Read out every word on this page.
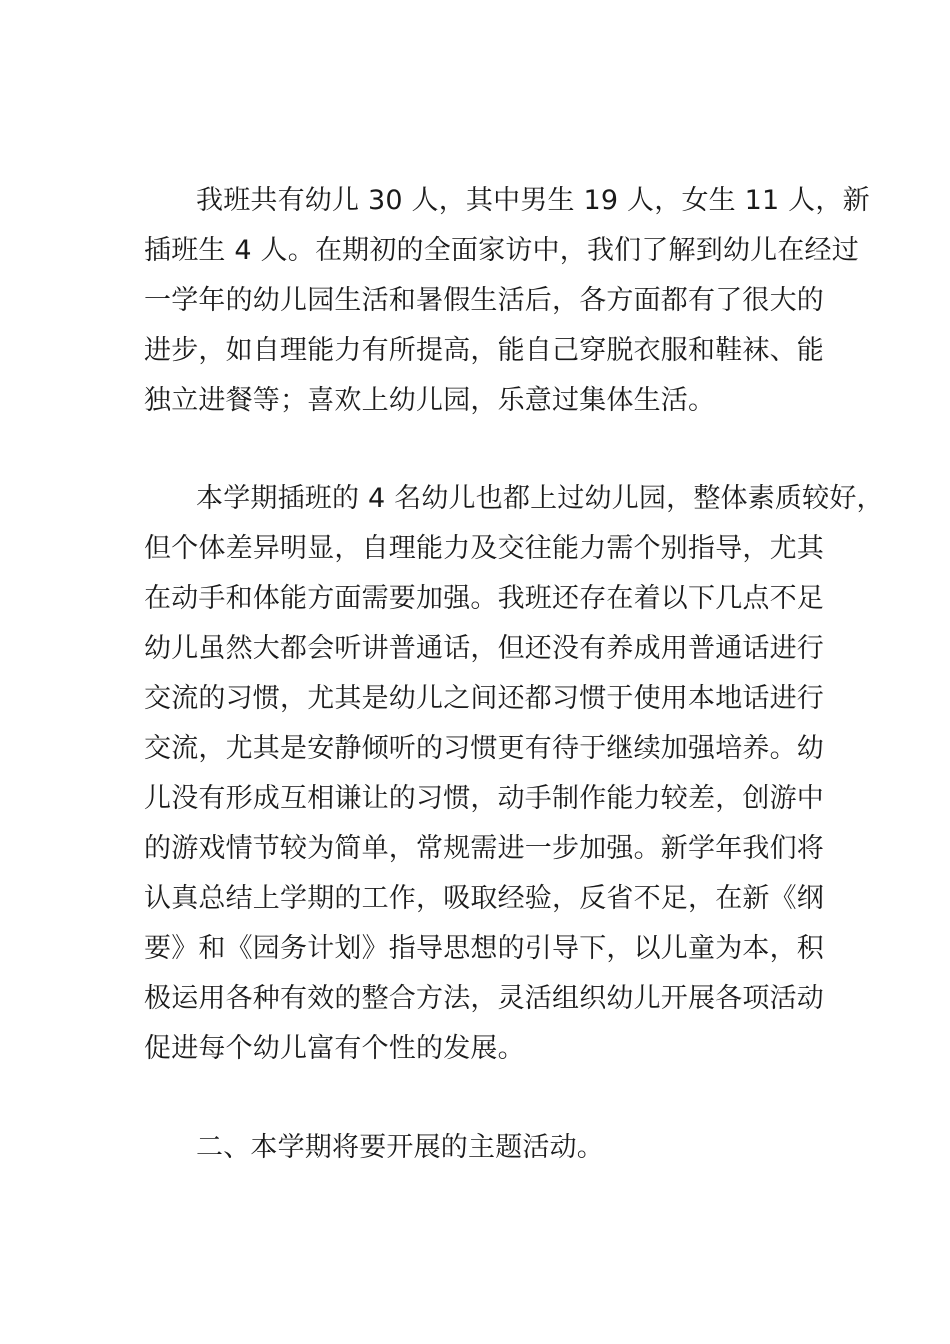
我班共有幼儿 30 人，其中男生 19 人，女生 11 人，新
插班生 4 人。在期初的全面家访中，我们了解到幼儿在经过
一学年的幼儿园生活和暑假生活后，各方面都有了很大的
进步，如自理能力有所提高，能自己穿脱衣服和鞋袜、能
独立进餐等；喜欢上幼儿园，乐意过集体生活。
本学期插班的 4 名幼儿也都上过幼儿园，整体素质较好，
但个体差异明显，自理能力及交往能力需个别指导，尤其
在动手和体能方面需要加强。我班还存在着以下几点不足
幼儿虽然大都会听讲普通话，但还没有养成用普通话进行
交流的习惯，尤其是幼儿之间还都习惯于使用本地话进行
交流，尤其是安静倾听的习惯更有待于继续加强培养。幼
儿没有形成互相谦让的习惯，动手制作能力较差，创游中
的游戏情节较为简单，常规需进一步加强。新学年我们将
认真总结上学期的工作，吸取经验，反省不足，在新《纲
要》和《园务计划》指导思想的引导下，以儿童为本，积
极运用各种有效的整合方法，灵活组织幼儿开展各项活动
促进每个幼儿富有个性的发展。
二、本学期将要开展的主题活动。
